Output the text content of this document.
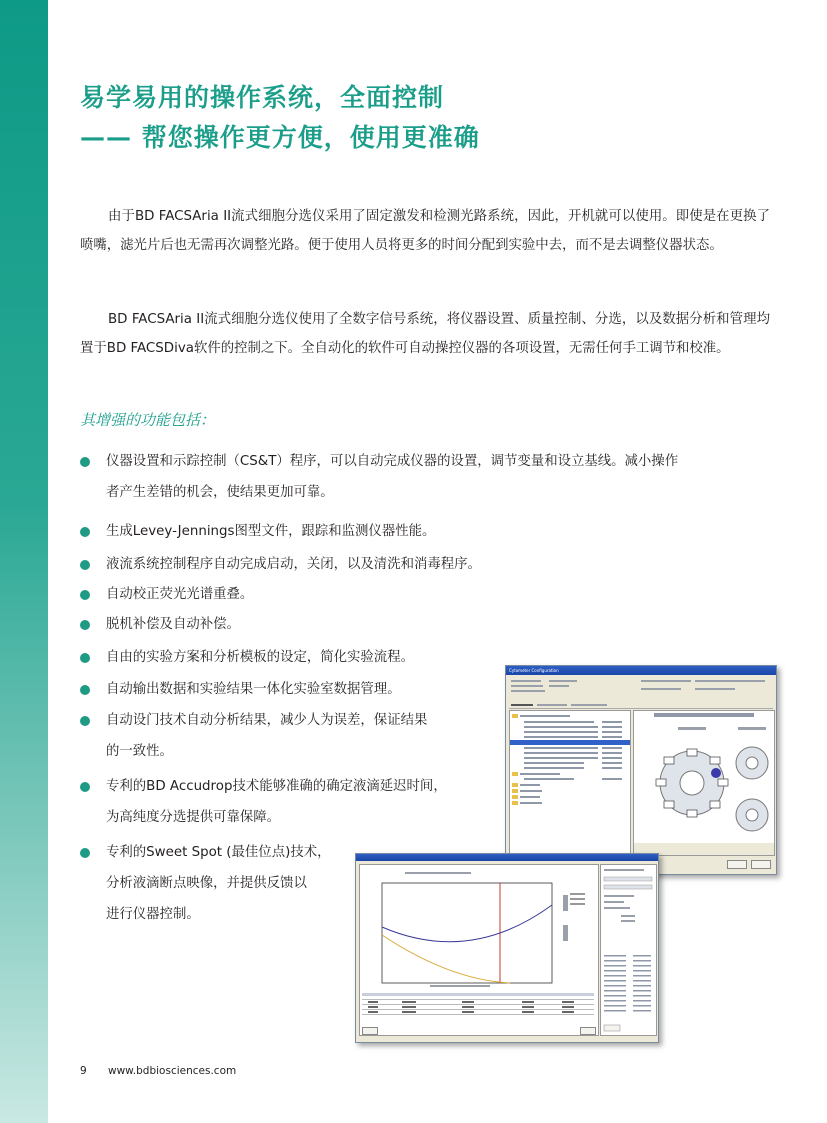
易学易用的操作系统，全面控制
—— 帮您操作更方便，使用更准确

由于BD FACSAria II流式细胞分选仪采用了固定激发和检测光路系统，因此，开机就可以使用。即使是在更换了喷嘴，滤光片后也无需再次调整光路。便于使用人员将更多的时间分配到实验中去，而不是去调整仪器状态。

BD FACSAria II流式细胞分选仪使用了全数字信号系统，将仪器设置、质量控制、分选，以及数据分析和管理均置于BD FACSDiva软件的控制之下。全自动化的软件可自动操控仪器的各项设置，无需任何手工调节和校准。

其增强的功能包括：
仪器设置和示踪控制（CS&T）程序，可以自动完成仪器的设置，调节变量和设立基线。减小操作
者产生差错的机会，使结果更加可靠。
生成Levey-Jennings图型文件，跟踪和监测仪器性能。
液流系统控制程序自动完成启动，关闭，以及清洗和消毒程序。
自动校正荧光光谱重叠。
脱机补偿及自动补偿。
自由的实验方案和分析模板的设定，简化实验流程。
自动输出数据和实验结果一体化实验室数据管理。
自动设门技术自动分析结果，减少人为误差，保证结果
的一致性。
专利的BD Accudrop技术能够准确的确定液滴延迟时间，
为高纯度分选提供可靠保障。
专利的Sweet Spot (最佳位点)技术，
分析液滴断点映像，并提供反馈以
进行仪器控制。
Cytometer Configuration
9 www.bdbiosciences.com
